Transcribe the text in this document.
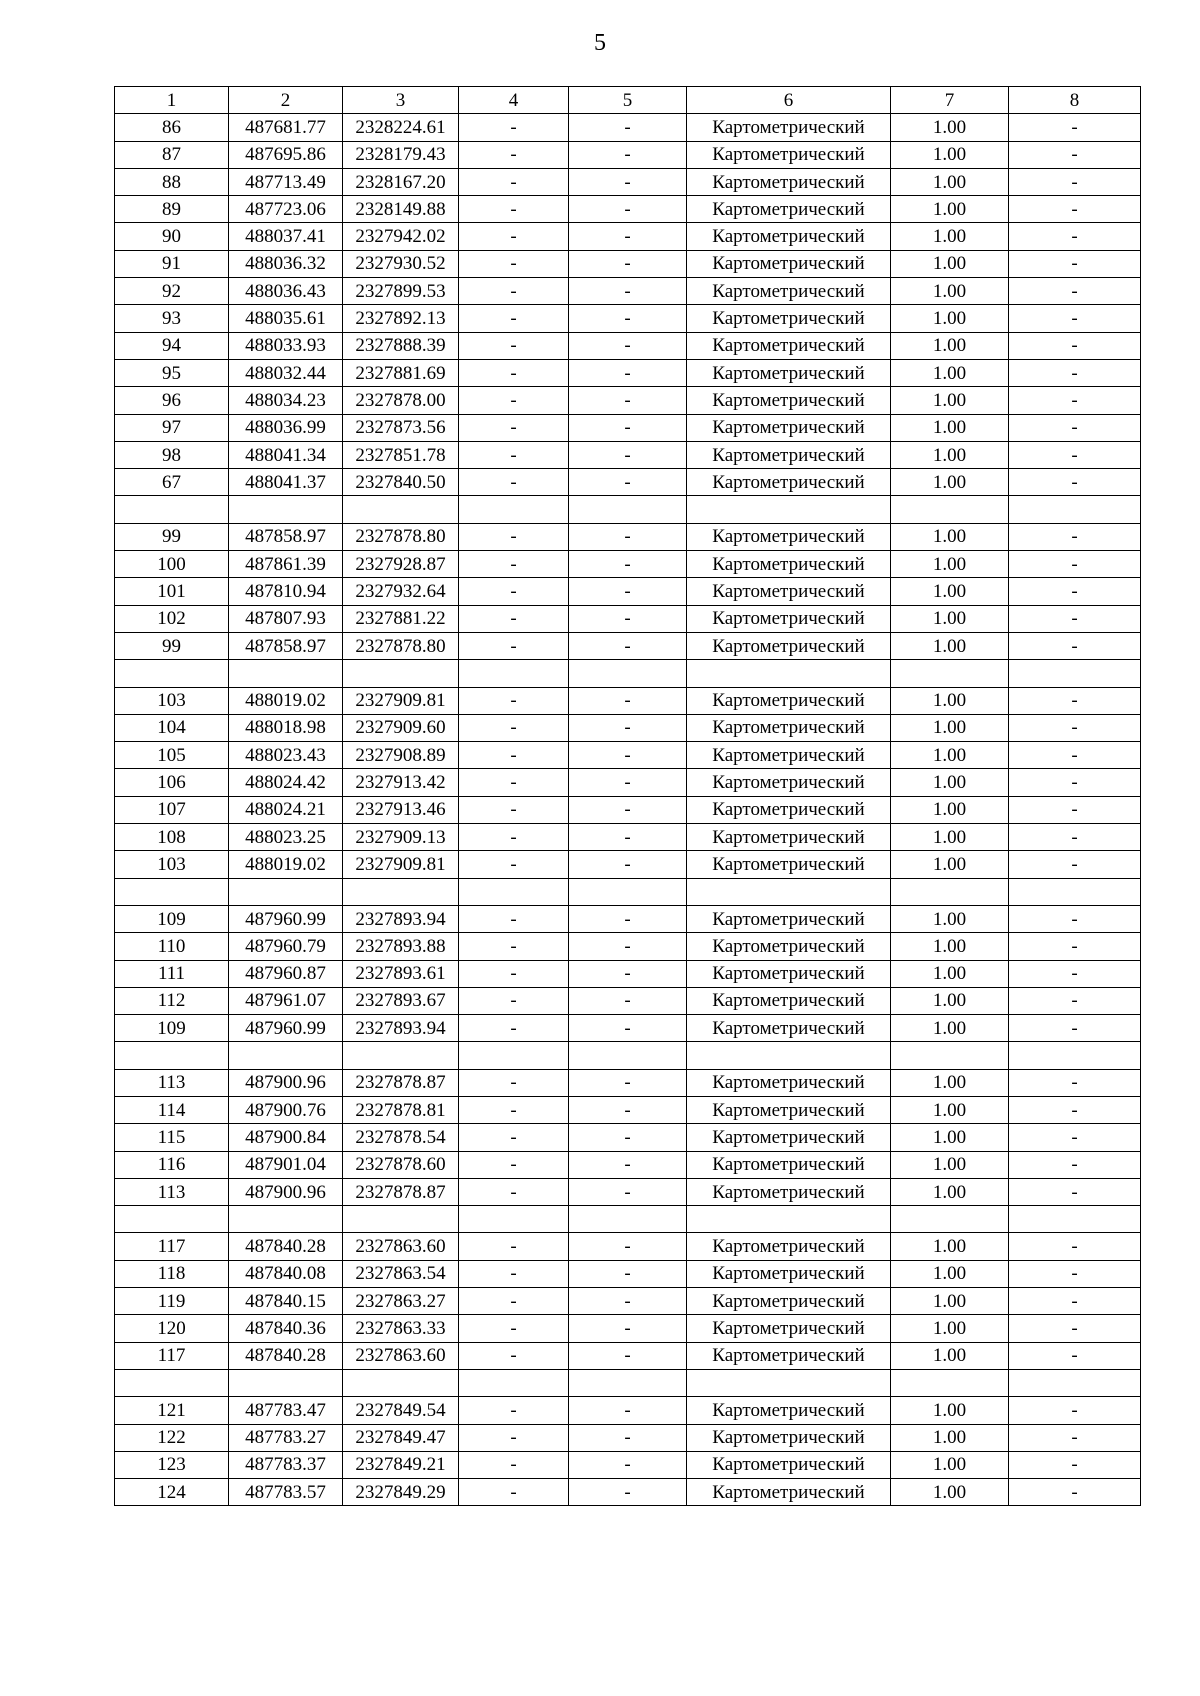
5
1	2	3	4	5	6	7	8
86	487681.77	2328224.61	-	-	Картометрический	1.00	-
87	487695.86	2328179.43	-	-	Картометрический	1.00	-
88	487713.49	2328167.20	-	-	Картометрический	1.00	-
89	487723.06	2328149.88	-	-	Картометрический	1.00	-
90	488037.41	2327942.02	-	-	Картометрический	1.00	-
91	488036.32	2327930.52	-	-	Картометрический	1.00	-
92	488036.43	2327899.53	-	-	Картометрический	1.00	-
93	488035.61	2327892.13	-	-	Картометрический	1.00	-
94	488033.93	2327888.39	-	-	Картометрический	1.00	-
95	488032.44	2327881.69	-	-	Картометрический	1.00	-
96	488034.23	2327878.00	-	-	Картометрический	1.00	-
97	488036.99	2327873.56	-	-	Картометрический	1.00	-
98	488041.34	2327851.78	-	-	Картометрический	1.00	-
67	488041.37	2327840.50	-	-	Картометрический	1.00	-

99	487858.97	2327878.80	-	-	Картометрический	1.00	-
100	487861.39	2327928.87	-	-	Картометрический	1.00	-
101	487810.94	2327932.64	-	-	Картометрический	1.00	-
102	487807.93	2327881.22	-	-	Картометрический	1.00	-
99	487858.97	2327878.80	-	-	Картометрический	1.00	-

103	488019.02	2327909.81	-	-	Картометрический	1.00	-
104	488018.98	2327909.60	-	-	Картометрический	1.00	-
105	488023.43	2327908.89	-	-	Картометрический	1.00	-
106	488024.42	2327913.42	-	-	Картометрический	1.00	-
107	488024.21	2327913.46	-	-	Картометрический	1.00	-
108	488023.25	2327909.13	-	-	Картометрический	1.00	-
103	488019.02	2327909.81	-	-	Картометрический	1.00	-

109	487960.99	2327893.94	-	-	Картометрический	1.00	-
110	487960.79	2327893.88	-	-	Картометрический	1.00	-
111	487960.87	2327893.61	-	-	Картометрический	1.00	-
112	487961.07	2327893.67	-	-	Картометрический	1.00	-
109	487960.99	2327893.94	-	-	Картометрический	1.00	-

113	487900.96	2327878.87	-	-	Картометрический	1.00	-
114	487900.76	2327878.81	-	-	Картометрический	1.00	-
115	487900.84	2327878.54	-	-	Картометрический	1.00	-
116	487901.04	2327878.60	-	-	Картометрический	1.00	-
113	487900.96	2327878.87	-	-	Картометрический	1.00	-

117	487840.28	2327863.60	-	-	Картометрический	1.00	-
118	487840.08	2327863.54	-	-	Картометрический	1.00	-
119	487840.15	2327863.27	-	-	Картометрический	1.00	-
120	487840.36	2327863.33	-	-	Картометрический	1.00	-
117	487840.28	2327863.60	-	-	Картометрический	1.00	-

121	487783.47	2327849.54	-	-	Картометрический	1.00	-
122	487783.27	2327849.47	-	-	Картометрический	1.00	-
123	487783.37	2327849.21	-	-	Картометрический	1.00	-
124	487783.57	2327849.29	-	-	Картометрический	1.00	-
